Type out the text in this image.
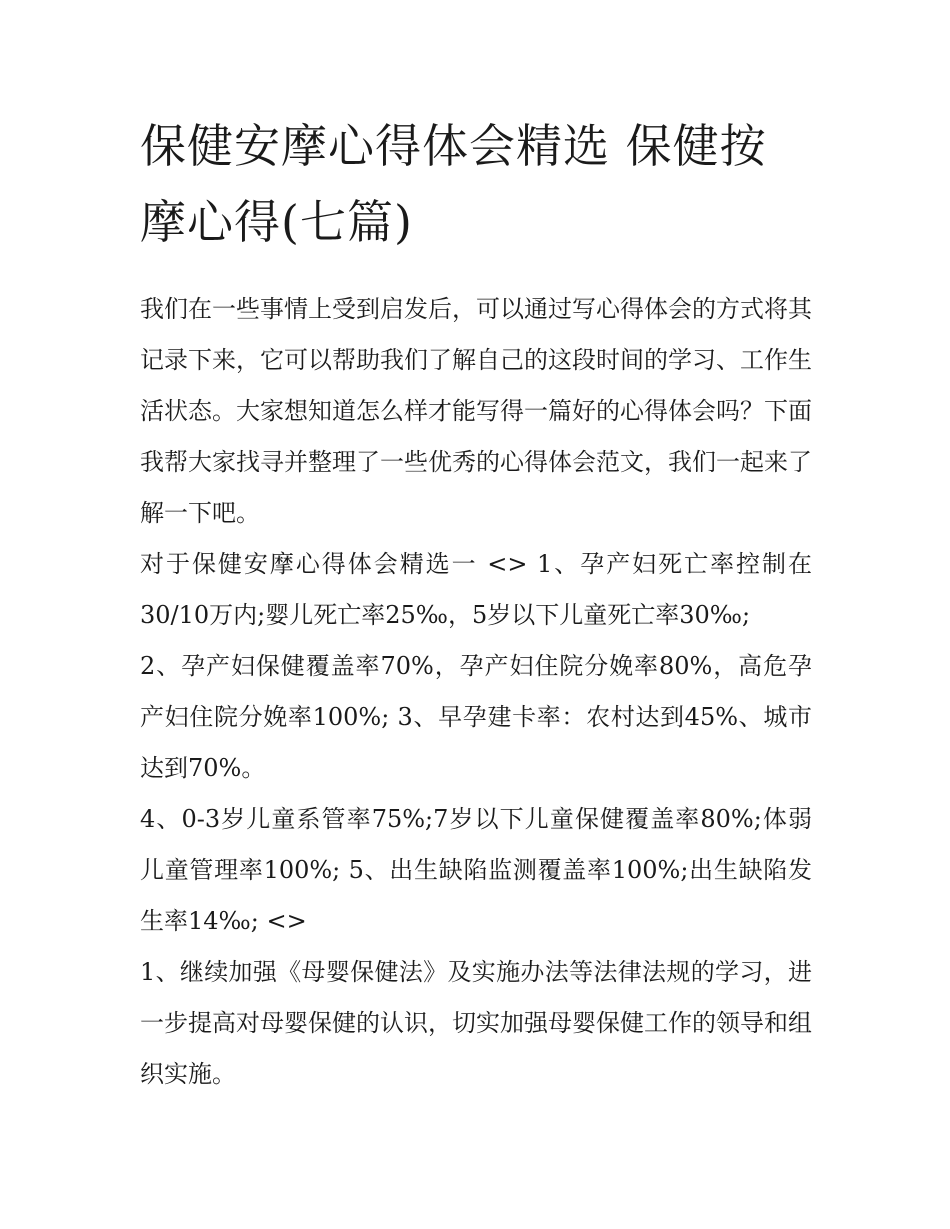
保健安摩心得体会精选 保健按摩心得(七篇)

我们在一些事情上受到启发后，可以通过写心得体会的方式将其记录下来，它可以帮助我们了解自己的这段时间的学习、工作生活状态。大家想知道怎么样才能写得一篇好的心得体会吗？下面我帮大家找寻并整理了一些优秀的心得体会范文，我们一起来了解一下吧。

对于保健安摩心得体会精选一 <> 1、孕产妇死亡率控制在30/10万内;婴儿死亡率25‰，5岁以下儿童死亡率30‰;

2、孕产妇保健覆盖率70%，孕产妇住院分娩率80%，高危孕产妇住院分娩率100%; 3、早孕建卡率：农村达到45%、城市达到70%。

4、0-3岁儿童系管率75%;7岁以下儿童保健覆盖率80%;体弱儿童管理率100%; 5、出生缺陷监测覆盖率100%;出生缺陷发生率14‰; <>

1、继续加强《母婴保健法》及实施办法等法律法规的学习，进一步提高对母婴保健的认识，切实加强母婴保健工作的领导和组织实施。
